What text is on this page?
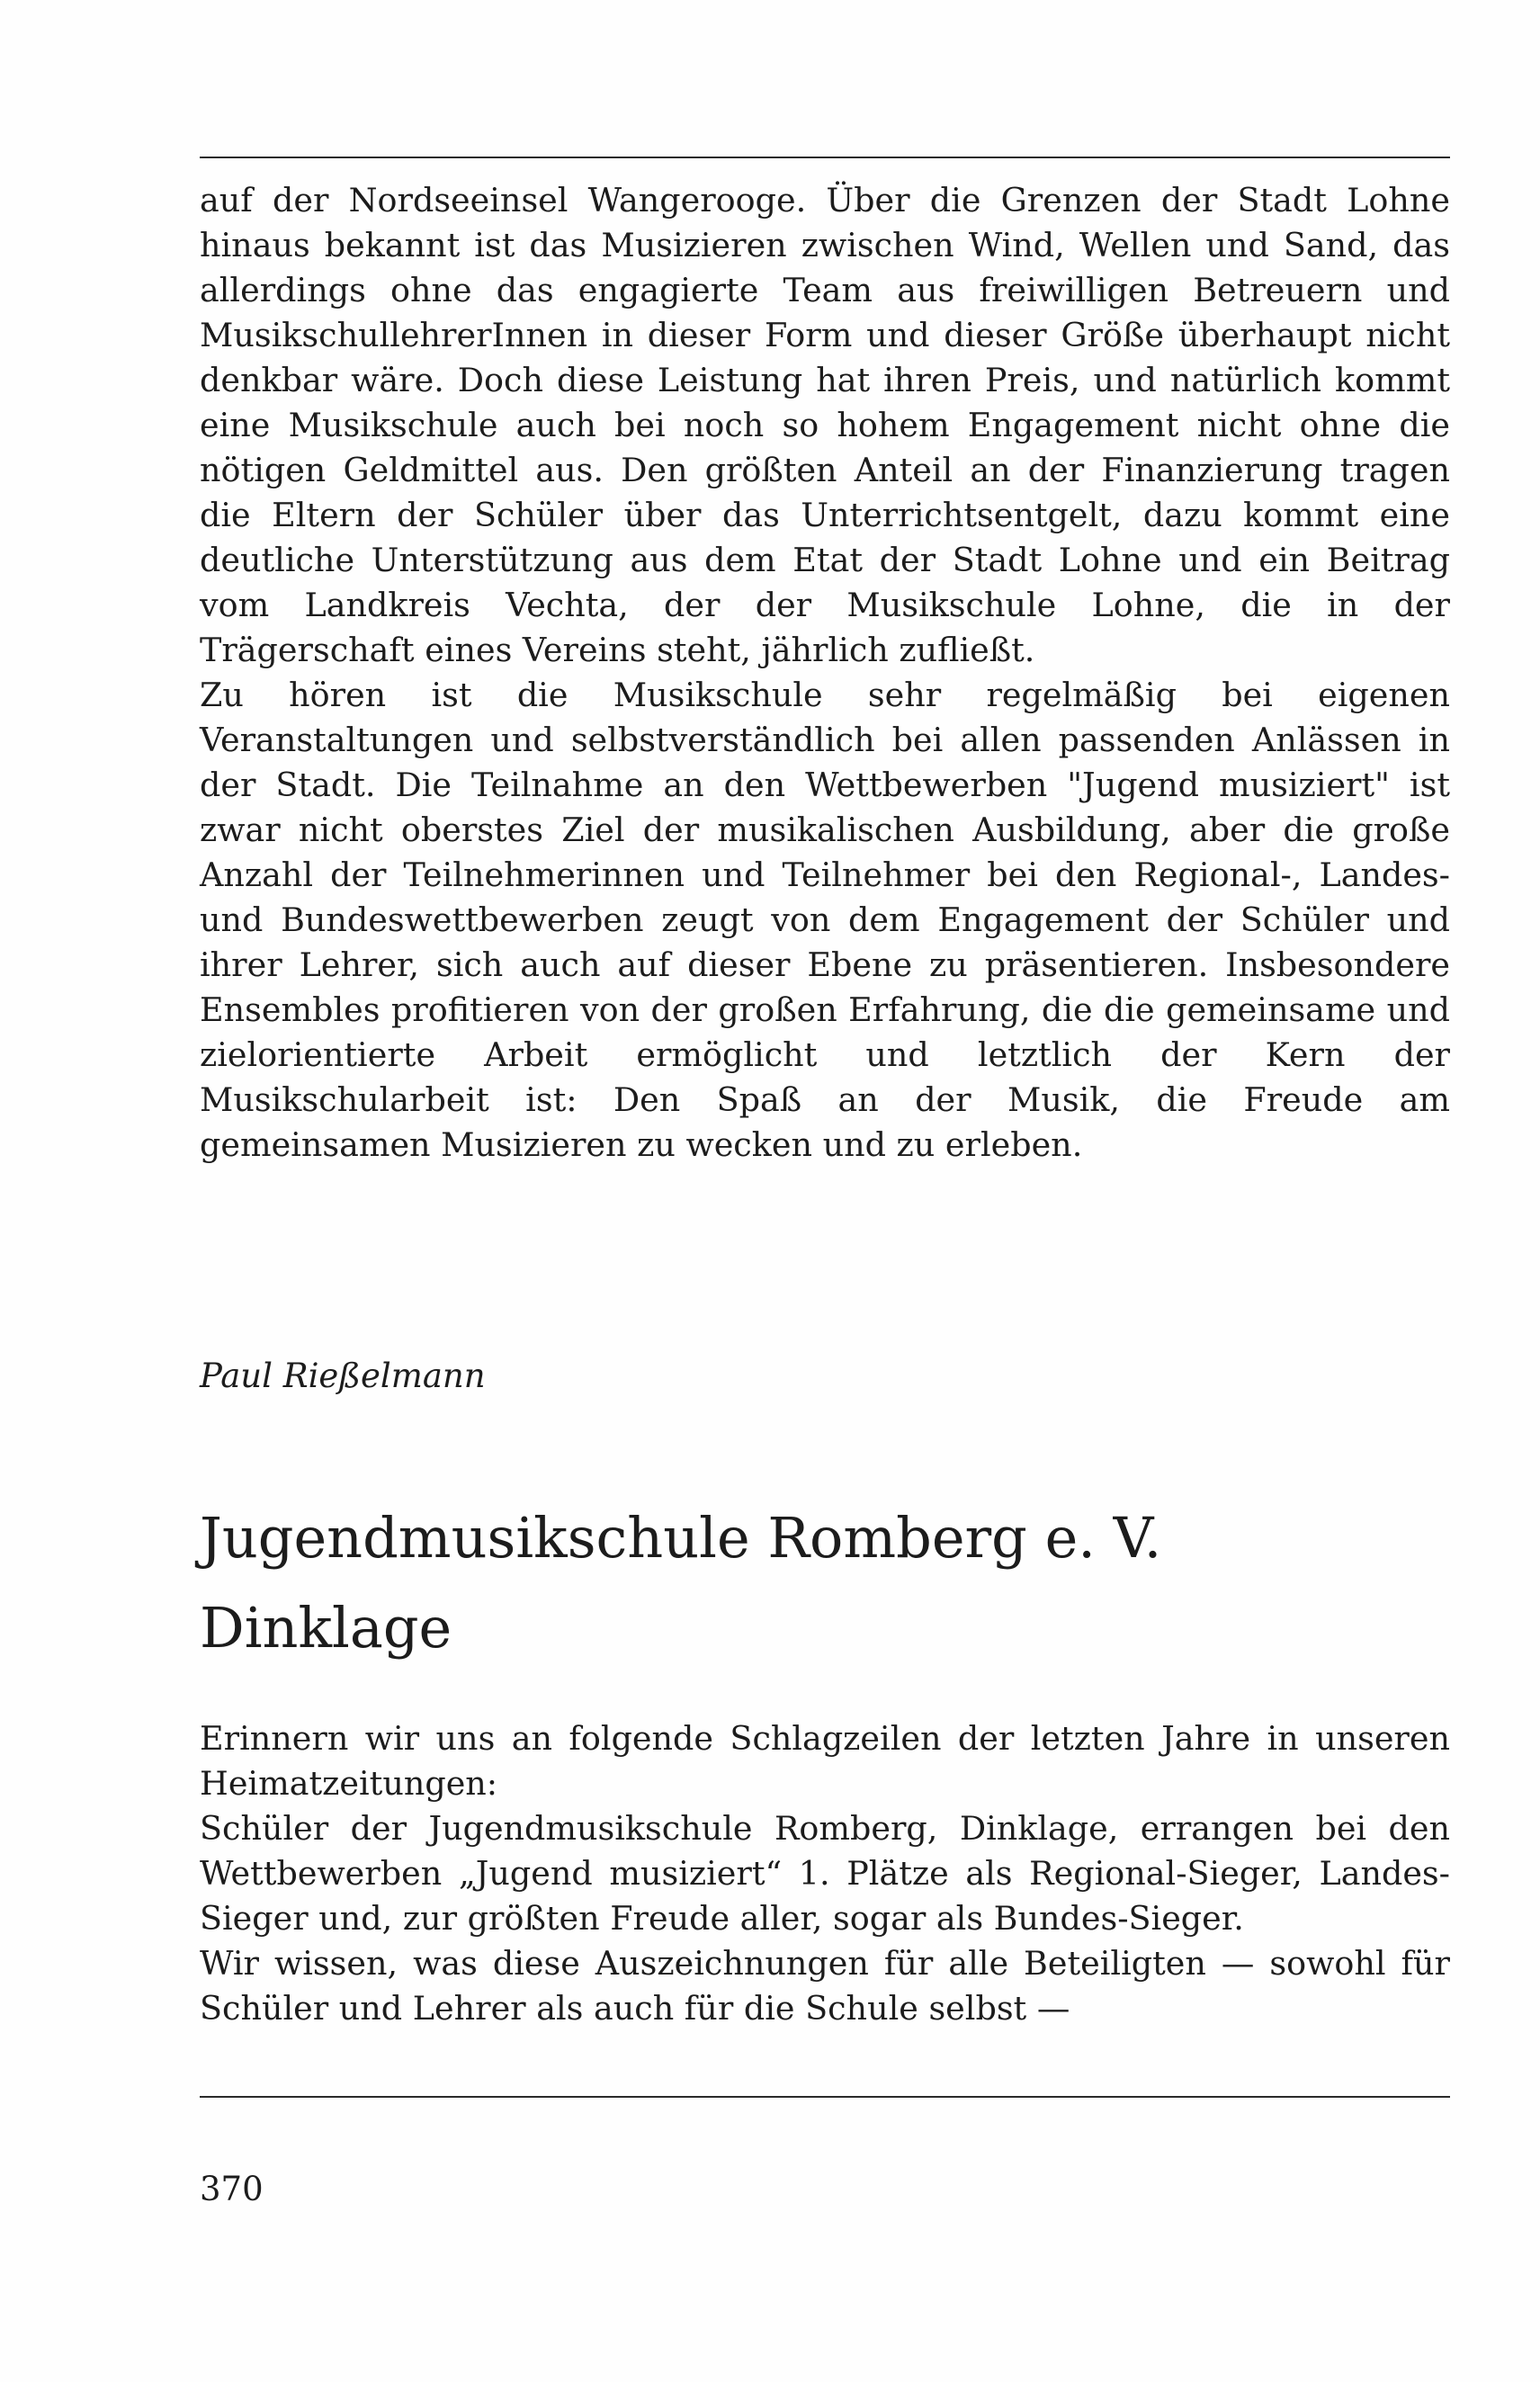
auf der Nordseeinsel Wangerooge. Über die Grenzen der Stadt Lohne hinaus bekannt ist das Musizieren zwischen Wind, Wellen und Sand, das allerdings ohne das engagierte Team aus freiwilligen Betreuern und MusikschullehrerInnen in dieser Form und dieser Größe überhaupt nicht denkbar wäre. Doch diese Leistung hat ihren Preis, und natürlich kommt eine Musikschule auch bei noch so hohem Engagement nicht ohne die nötigen Geldmittel aus. Den größten Anteil an der Finanzierung tragen die Eltern der Schüler über das Unterrichtsentgelt, dazu kommt eine deutliche Unterstützung aus dem Etat der Stadt Lohne und ein Beitrag vom Landkreis Vechta, der der Musikschule Lohne, die in der Trägerschaft eines Vereins steht, jährlich zufließt.

Zu hören ist die Musikschule sehr regelmäßig bei eigenen Veranstaltungen und selbstverständlich bei allen passenden Anlässen in der Stadt. Die Teilnahme an den Wettbewerben "Jugend musiziert" ist zwar nicht oberstes Ziel der musikalischen Ausbildung, aber die große Anzahl der Teilnehmerinnen und Teilnehmer bei den Regional-, Landes- und Bundeswettbewerben zeugt von dem Engagement der Schüler und ihrer Lehrer, sich auch auf dieser Ebene zu präsentieren. Insbesondere Ensembles profitieren von der großen Erfahrung, die die gemeinsame und zielorientierte Arbeit ermöglicht und letztlich der Kern der Musikschularbeit ist: Den Spaß an der Musik, die Freude am gemeinsamen Musizieren zu wecken und zu erleben.

Paul Rießelmann
Jugendmusikschule Romberg e. V.
Dinklage

Erinnern wir uns an folgende Schlagzeilen der letzten Jahre in unseren Heimatzeitungen:

Schüler der Jugendmusikschule Romberg, Dinklage, errangen bei den Wettbewerben „Jugend musiziert“ 1. Plätze als Regional-Sieger, Landes-Sieger und, zur größten Freude aller, sogar als Bundes-Sieger.

Wir wissen, was diese Auszeichnungen für alle Beteiligten — sowohl für Schüler und Lehrer als auch für die Schule selbst —

370
